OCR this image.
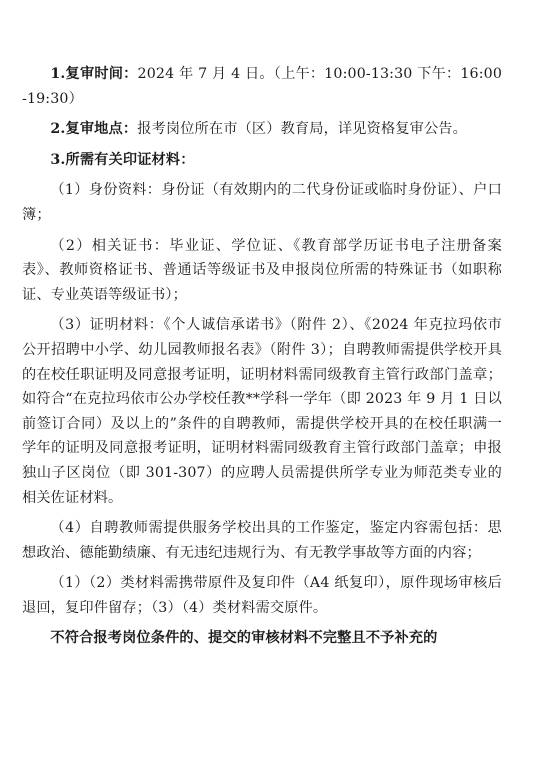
1.复审时间：2024 年 7 月 4 日。（上午：10:00-13:30 下午：16:00-19:30）

2.复审地点：报考岗位所在市（区）教育局，详见资格复审公告。

3.所需有关印证材料：

（1）身份资料：身份证（有效期内的二代身份证或临时身份证）、户口簿；

（2）相关证书：毕业证、学位证、《教育部学历证书电子注册备案表》、教师资格证书、普通话等级证书及申报岗位所需的特殊证书（如职称证、专业英语等级证书）；

（3）证明材料：《个人诚信承诺书》（附件 2）、《2024 年克拉玛依市公开招聘中小学、幼儿园教师报名表》（附件 3）；自聘教师需提供学校开具的在校任职证明及同意报考证明，证明材料需同级教育主管行政部门盖章；如符合“在克拉玛依市公办学校任教**学科一学年（即 2023 年 9 月 1 日以前签订合同）及以上的”条件的自聘教师，需提供学校开具的在校任职满一学年的证明及同意报考证明，证明材料需同级教育主管行政部门盖章；申报独山子区岗位（即 301-307）的应聘人员需提供所学专业为师范类专业的相关佐证材料。

（4）自聘教师需提供服务学校出具的工作鉴定，鉴定内容需包括：思想政治、德能勤绩廉、有无违纪违规行为、有无教学事故等方面的内容；

（1）（2）类材料需携带原件及复印件（A4 纸复印），原件现场审核后退回，复印件留存；（3）（4）类材料需交原件。

不符合报考岗位条件的、提交的审核材料不完整且不予补充的
